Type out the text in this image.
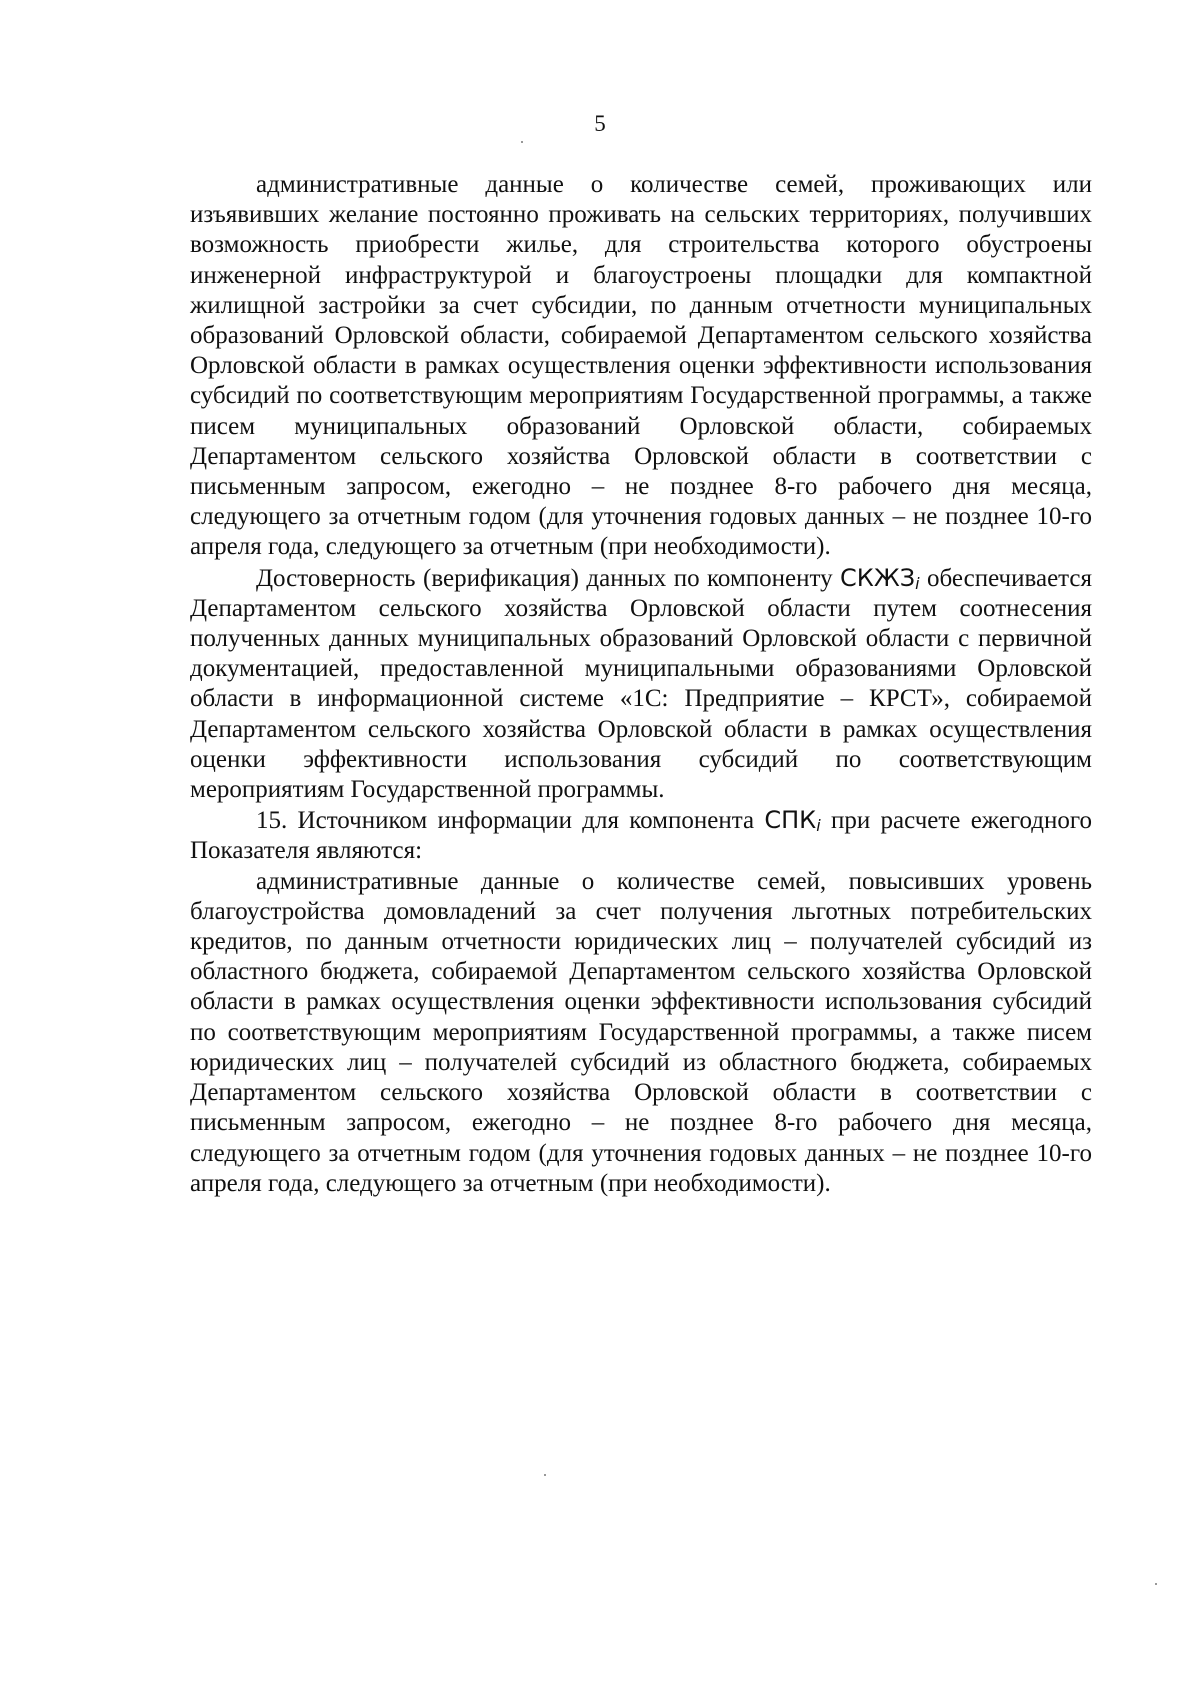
5

административные данные о количестве семей, проживающих или изъявивших желание постоянно проживать на сельских территориях, получивших возможность приобрести жилье, для строительства которого обустроены инженерной инфраструктурой и благоустроены площадки для компактной жилищной застройки за счет субсидии, по данным отчетности муниципальных образований Орловской области, собираемой Департаментом сельского хозяйства Орловской области в рамках осуществления оценки эффективности использования субсидий по соответствующим мероприятиям Государственной программы, а также писем муниципальных образований Орловской области, собираемых Департаментом сельского хозяйства Орловской области в соответствии с письменным запросом, ежегодно – не позднее 8-го рабочего дня месяца, следующего за отчетным годом (для уточнения годовых данных – не позднее 10-го апреля года, следующего за отчетным (при необходимости).

Достоверность (верификация) данных по компоненту $СКЖЗ_i$ обеспечивается Департаментом сельского хозяйства Орловской области путем соотнесения полученных данных муниципальных образований Орловской области с первичной документацией, предоставленной муниципальными образованиями Орловской области в информационной системе «1С: Предприятие – КРСТ», собираемой Департаментом сельского хозяйства Орловской области в рамках осуществления оценки эффективности использования субсидий по соответствующим мероприятиям Государственной программы.

15. Источником информации для компонента $СПК_i$ при расчете ежегодного Показателя являются:

административные данные о количестве семей, повысивших уровень благоустройства домовладений за счет получения льготных потребительских кредитов, по данным отчетности юридических лиц – получателей субсидий из областного бюджета, собираемой Департаментом сельского хозяйства Орловской области в рамках осуществления оценки эффективности использования субсидий по соответствующим мероприятиям Государственной программы, а также писем юридических лиц – получателей субсидий из областного бюджета, собираемых Департаментом сельского хозяйства Орловской области в соответствии с письменным запросом, ежегодно – не позднее 8-го рабочего дня месяца, следующего за отчетным годом (для уточнения годовых данных – не позднее 10-го апреля года, следующего за отчетным (при необходимости).
